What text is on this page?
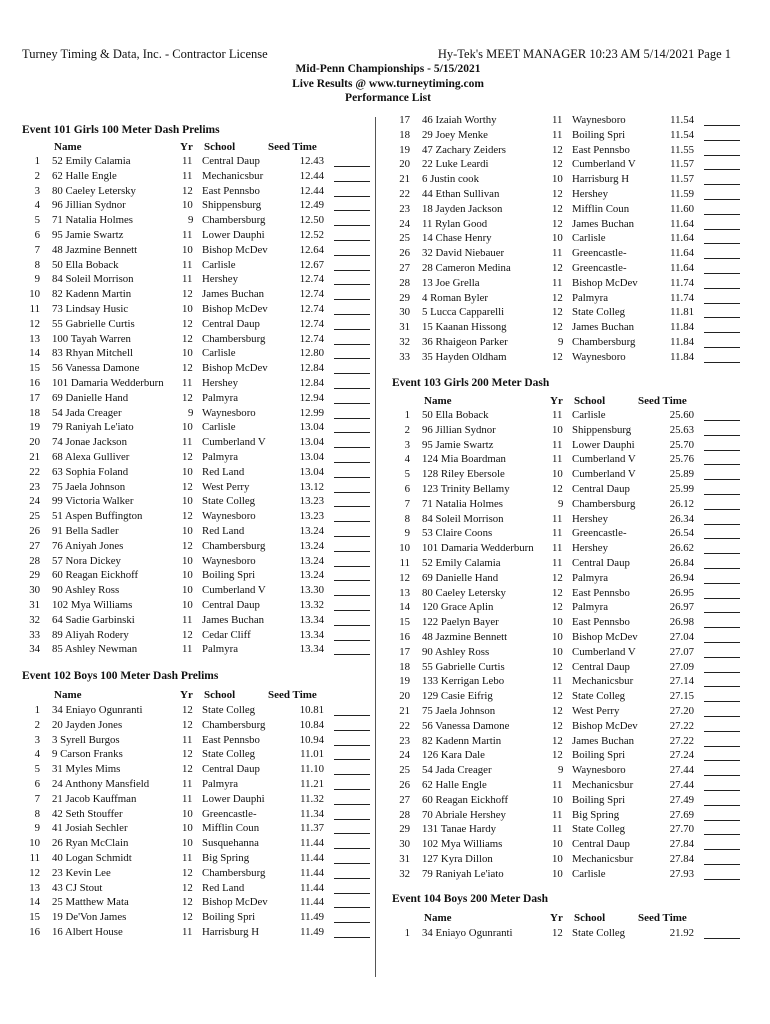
Turney Timing & Data, Inc. - Contractor License	Hy-Tek's MEET MANAGER 10:23 AM 5/14/2021 Page 1
Mid-Penn Championships - 5/15/2021
Live Results @ www.turneytiming.com
Performance List
Event 101 Girls 100 Meter Dash Prelims
Name	Yr School	Seed Time
1 52 Emily Calamia	11 Central Daup	12.43
2 62 Halle Engle	11 Mechanicsbur	12.44
3 80 Caeley Letersky	12 East Pennsbo	12.44
4 96 Jillian Sydnor	10 Shippensburg	12.49
5 71 Natalia Holmes	9 Chambersburg	12.50
6 95 Jamie Swartz	11 Lower Dauphi	12.52
7 48 Jazmine Bennett	10 Bishop McDev	12.64
8 50 Ella Boback	11 Carlisle	12.67
9 84 Soleil Morrison	11 Hershey	12.74
10 82 Kadenn Martin	12 James Buchan	12.74
11 73 Lindsay Husic	10 Bishop McDev	12.74
12 55 Gabrielle Curtis	12 Central Daup	12.74
13 100 Tayah Warren	12 Chambersburg	12.74
14 83 Rhyan Mitchell	10 Carlisle	12.80
15 56 Vanessa Damone	12 Bishop McDev	12.84
16 101 Damaria Wedderburn 11 Hershey	12.84
17 69 Danielle Hand	12 Palmyra	12.94
18 54 Jada Creager	9 Waynesboro	12.99
19 79 Raniyah Le'iato	10 Carlisle	13.04
20 74 Jonae Jackson	11 Cumberland V	13.04
21 68 Alexa Gulliver	12 Palmyra	13.04
22 63 Sophia Foland	10 Red Land	13.04
23 75 Jaela Johnson	12 West Perry	13.12
24 99 Victoria Walker	10 State Colleg	13.23
25 51 Aspen Buffington	12 Waynesboro	13.23
26 91 Bella Sadler	10 Red Land	13.24
27 76 Aniyah Jones	12 Chambersburg	13.24
28 57 Nora Dickey	10 Waynesboro	13.24
29 60 Reagan Eickhoff	10 Boiling Spri	13.24
30 90 Ashley Ross	10 Cumberland V	13.30
31 102 Mya Williams	10 Central Daup	13.32
32 64 Sadie Garbinski	11 James Buchan	13.34
33 89 Aliyah Rodery	12 Cedar Cliff	13.34
34 85 Ashley Newman	11 Palmyra	13.34
Event 102 Boys 100 Meter Dash Prelims
Name	Yr School	Seed Time
1 34 Eniayo Ogunranti	12 State Colleg	10.81
2 20 Jayden Jones	12 Chambersburg	10.84
3 3 Syrell Burgos	11 East Pennsbo	10.94
4 9 Carson Franks	12 State Colleg	11.01
5 31 Myles Mims	12 Central Daup	11.10
6 24 Anthony Mansfield	11 Palmyra	11.21
7 21 Jacob Kauffman	11 Lower Dauphi	11.32
8 42 Seth Stouffer	10 Greencastle-	11.34
9 41 Josiah Sechler	10 Mifflin Coun	11.37
10 26 Ryan McClain	10 Susquehanna	11.44
11 40 Logan Schmidt	11 Big Spring	11.44
12 23 Kevin Lee	12 Chambersburg	11.44
13 43 CJ Stout	12 Red Land	11.44
14 25 Matthew Mata	12 Bishop McDev	11.44
15 19 De'Von James	12 Boiling Spri	11.49
16 16 Albert House	11 Harrisburg H	11.49
17 46 Izaiah Worthy	11 Waynesboro	11.54
18 29 Joey Menke	11 Boiling Spri	11.54
19 47 Zachary Zeiders	12 East Pennsbo	11.55
20 22 Luke Leardi	12 Cumberland V	11.57
21 6 Justin cook	10 Harrisburg H	11.57
22 44 Ethan Sullivan	12 Hershey	11.59
23 18 Jayden Jackson	12 Mifflin Coun	11.60
24 11 Rylan Good	12 James Buchan	11.64
25 14 Chase Henry	10 Carlisle	11.64
26 32 David Niebauer	11 Greencastle-	11.64
27 28 Cameron Medina	12 Greencastle-	11.64
28 13 Joe Grella	11 Bishop McDev	11.74
29 4 Roman Byler	12 Palmyra	11.74
30 5 Lucca Capparelli	12 State Colleg	11.81
31 15 Kaanan Hissong	12 James Buchan	11.84
32 36 Rhaigeon Parker	9 Chambersburg	11.84
33 35 Hayden Oldham	12 Waynesboro	11.84
Event 103 Girls 200 Meter Dash
Name	Yr School	Seed Time
1 50 Ella Boback	11 Carlisle	25.60
2 96 Jillian Sydnor	10 Shippensburg	25.63
3 95 Jamie Swartz	11 Lower Dauphi	25.70
4 124 Mia Boardman	11 Cumberland V	25.76
5 128 Riley Ebersole	10 Cumberland V	25.89
6 123 Trinity Bellamy	12 Central Daup	25.99
7 71 Natalia Holmes	9 Chambersburg	26.12
8 84 Soleil Morrison	11 Hershey	26.34
9 53 Claire Coons	11 Greencastle-	26.54
10 101 Damaria Wedderburn 11 Hershey	26.62
11 52 Emily Calamia	11 Central Daup	26.84
12 69 Danielle Hand	12 Palmyra	26.94
13 80 Caeley Letersky	12 East Pennsbo	26.95
14 120 Grace Aplin	12 Palmyra	26.97
15 122 Paelyn Bayer	10 East Pennsbo	26.98
16 48 Jazmine Bennett	10 Bishop McDev	27.04
17 90 Ashley Ross	10 Cumberland V	27.07
18 55 Gabrielle Curtis	12 Central Daup	27.09
19 133 Kerrigan Lebo	11 Mechanicsbur	27.14
20 129 Casie Eifrig	12 State Colleg	27.15
21 75 Jaela Johnson	12 West Perry	27.20
22 56 Vanessa Damone	12 Bishop McDev	27.22
23 82 Kadenn Martin	12 James Buchan	27.22
24 126 Kara Dale	12 Boiling Spri	27.24
25 54 Jada Creager	9 Waynesboro	27.44
26 62 Halle Engle	11 Mechanicsbur	27.44
27 60 Reagan Eickhoff	10 Boiling Spri	27.49
28 70 Abriale Hershey	11 Big Spring	27.69
29 131 Tanae Hardy	11 State Colleg	27.70
30 102 Mya Williams	10 Central Daup	27.84
31 127 Kyra Dillon	10 Mechanicsbur	27.84
32 79 Raniyah Le'iato	10 Carlisle	27.93
Event 104 Boys 200 Meter Dash
Name	Yr School	Seed Time
1 34 Eniayo Ogunranti	12 State Colleg	21.92
